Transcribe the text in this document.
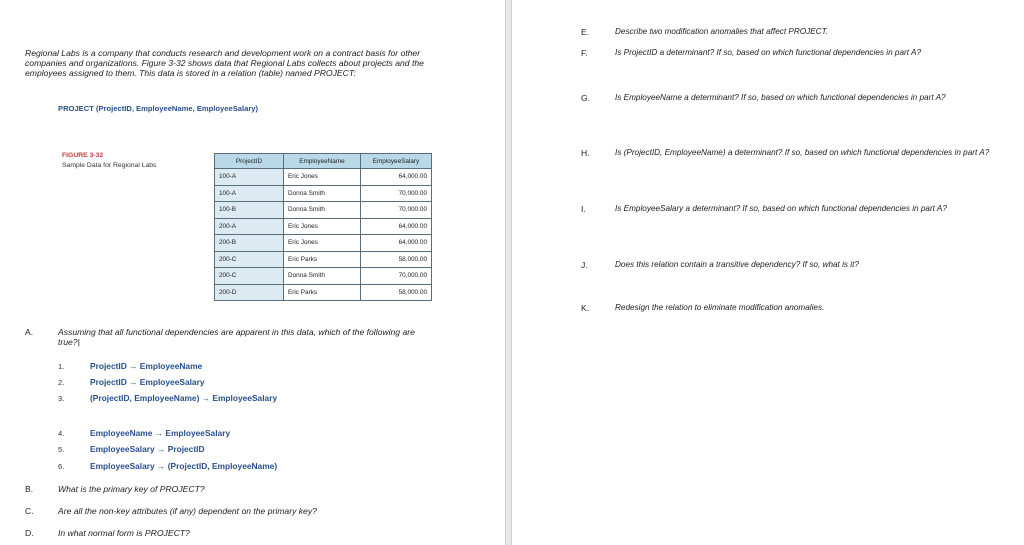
Regional Labs is a company that conducts research and development work on a contract basis for other companies and organizations. Figure 3-32 shows data that Regional Labs collects about projects and the employees assigned to them. This data is stored in a relation (table) named PROJECT:
PROJECT (ProjectID, EmployeeName, EmployeeSalary)
FIGURE 3-32
Sample Data for Regional Labs
ProjectID	EmployeeName	EmployeeSalary
100-A	Eric Jones	64,000.00
100-A	Donna Smith	70,000.00
100-B	Donna Smith	70,000.00
200-A	Eric Jones	64,000.00
200-B	Eric Jones	64,000.00
200-C	Eric Parks	58,000.00
200-C	Donna Smith	70,000.00
200-D	Eric Parks	58,000.00
A.	Assuming that all functional dependencies are apparent in this data, which of the following are true?|
1.	ProjectID → EmployeeName
2.	ProjectID → EmployeeSalary
3.	(ProjectID, EmployeeName) → EmployeeSalary
4.	EmployeeName → EmployeeSalary
5.	EmployeeSalary → ProjectID
6.	EmployeeSalary → (ProjectID, EmployeeName)
B.	What is the primary key of PROJECT?
C.	Are all the non-key attributes (if any) dependent on the primary key?
D.	In what normal form is PROJECT?
E.	Describe two modification anomalies that affect PROJECT.
F.	Is ProjectID a determinant? If so, based on which functional dependencies in part A?
G.	Is EmployeeName a determinant? If so, based on which functional dependencies in part A?
H.	Is (ProjectID, EmployeeName) a determinant? If so, based on which functional dependencies in part A?
I.	Is EmployeeSalary a determinant? If so, based on which functional dependencies in part A?
J.	Does this relation contain a transitive dependency? If so, what is it?
K.	Redesign the relation to eliminate modification anomalies.
